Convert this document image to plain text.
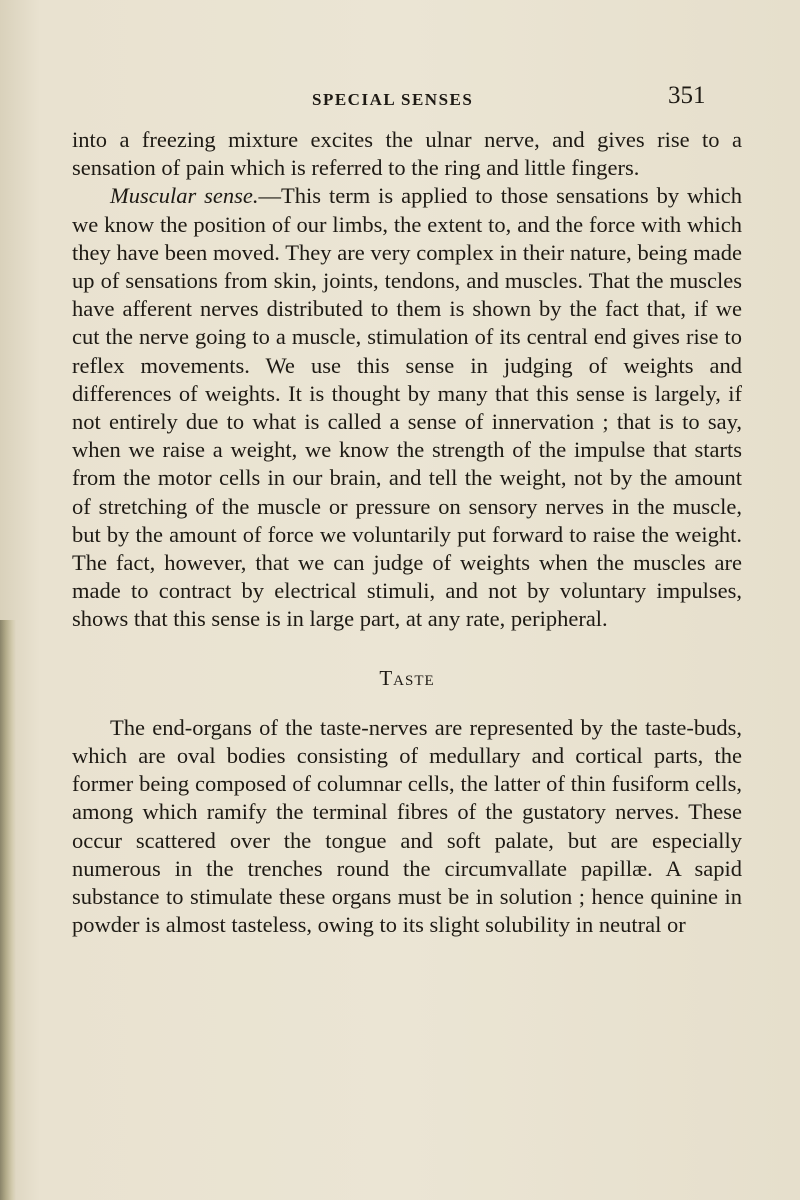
SPECIAL SENSES	351

into a freezing mixture excites the ulnar nerve, and gives rise to a sensation of pain which is referred to the ring and little fingers.

Muscular sense.—This term is applied to those sensations by which we know the position of our limbs, the extent to, and the force with which they have been moved. They are very complex in their nature, being made up of sensations from skin, joints, tendons, and muscles. That the muscles have afferent nerves distributed to them is shown by the fact that, if we cut the nerve going to a muscle, stimulation of its central end gives rise to reflex movements. We use this sense in judging of weights and differences of weights. It is thought by many that this sense is largely, if not entirely due to what is called a sense of innervation ; that is to say, when we raise a weight, we know the strength of the impulse that starts from the motor cells in our brain, and tell the weight, not by the amount of stretching of the muscle or pressure on sensory nerves in the muscle, but by the amount of force we voluntarily put forward to raise the weight. The fact, however, that we can judge of weights when the muscles are made to contract by electrical stimuli, and not by voluntary impulses, shows that this sense is in large part, at any rate, peripheral.

Taste

The end-organs of the taste-nerves are represented by the taste-buds, which are oval bodies consisting of medullary and cortical parts, the former being composed of columnar cells, the latter of thin fusiform cells, among which ramify the terminal fibres of the gustatory nerves. These occur scattered over the tongue and soft palate, but are especially numerous in the trenches round the circumvallate papillæ. A sapid substance to stimulate these organs must be in solution ; hence quinine in powder is almost tasteless, owing to its slight solubility in neutral or
